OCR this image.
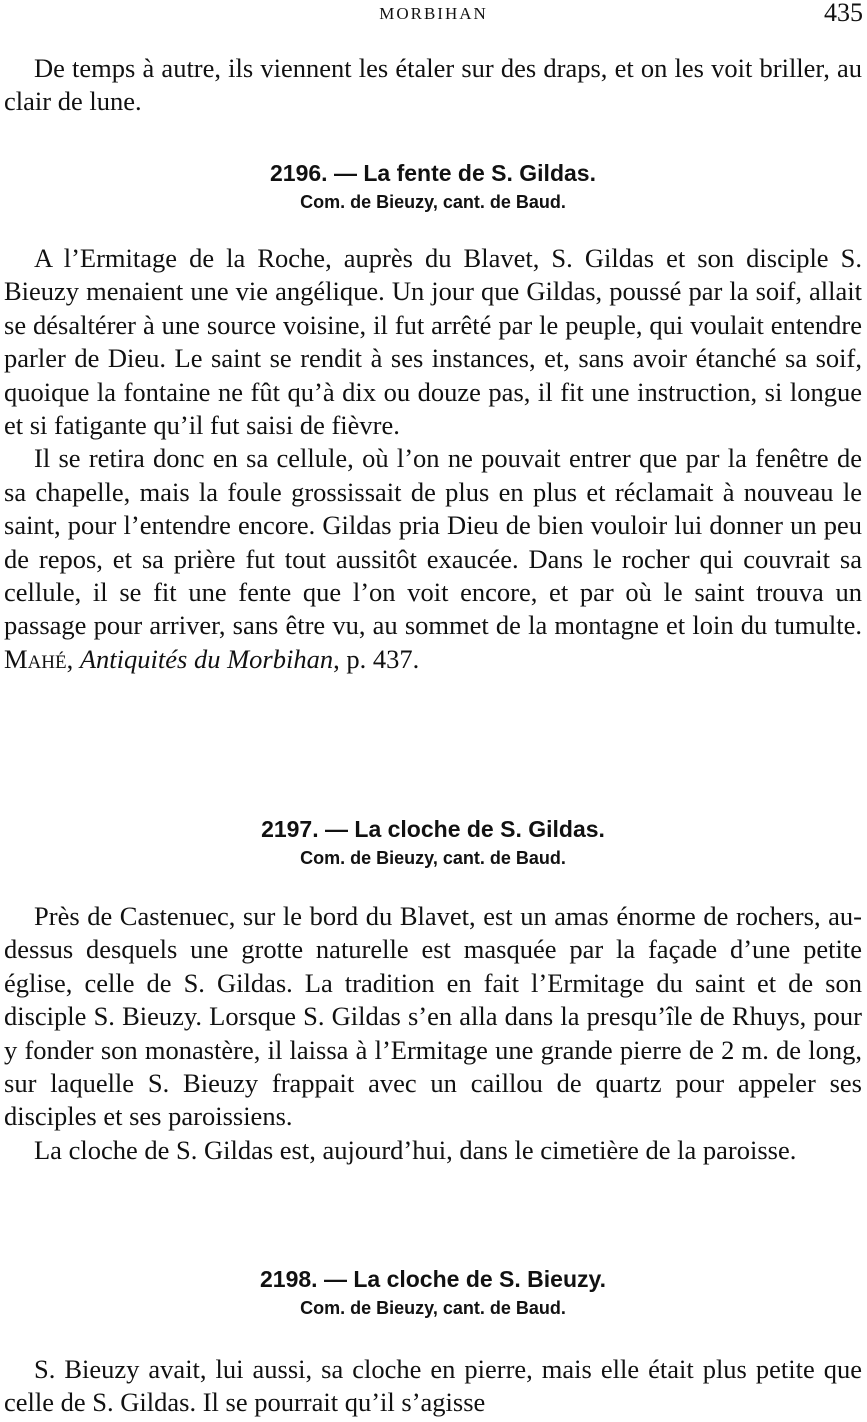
MORBIHAN	435

De temps à autre, ils viennent les étaler sur des draps, et on les voit briller, au clair de lune.

2196. — La fente de S. Gildas.

Com. de Bieuzy, cant. de Baud.

A l’Ermitage de la Roche, auprès du Blavet, S. Gildas et son disciple S. Bieuzy menaient une vie angélique. Un jour que Gildas, poussé par la soif, allait se désaltérer à une source voisine, il fut arrêté par le peuple, qui voulait entendre parler de Dieu. Le saint se rendit à ses instances, et, sans avoir étanché sa soif, quoique la fontaine ne fût qu’à dix ou douze pas, il fit une instruction, si longue et si fatigante qu’il fut saisi de fièvre.

Il se retira donc en sa cellule, où l’on ne pouvait entrer que par la fenêtre de sa chapelle, mais la foule grossissait de plus en plus et réclamait à nouveau le saint, pour l’entendre encore. Gildas pria Dieu de bien vouloir lui donner un peu de repos, et sa prière fut tout aussitôt exaucée. Dans le rocher qui couvrait sa cellule, il se fit une fente que l’on voit encore, et par où le saint trouva un passage pour arriver, sans être vu, au sommet de la montagne et loin du tumulte. Mahé, Antiquités du Morbihan, p. 437.

2197. — La cloche de S. Gildas.

Com. de Bieuzy, cant. de Baud.

Près de Castenuec, sur le bord du Blavet, est un amas énorme de rochers, au-dessus desquels une grotte naturelle est masquée par la façade d’une petite église, celle de S. Gildas. La tradition en fait l’Ermitage du saint et de son disciple S. Bieuzy. Lorsque S. Gildas s’en alla dans la presqu’île de Rhuys, pour y fonder son monastère, il laissa à l’Ermitage une grande pierre de 2 m. de long, sur laquelle S. Bieuzy frappait avec un caillou de quartz pour appeler ses disciples et ses paroissiens.

La cloche de S. Gildas est, aujourd’hui, dans le cimetière de la paroisse.

2198. — La cloche de S. Bieuzy.

Com. de Bieuzy, cant. de Baud.

S. Bieuzy avait, lui aussi, sa cloche en pierre, mais elle était plus petite que celle de S. Gildas. Il se pourrait qu’il s’agisse
